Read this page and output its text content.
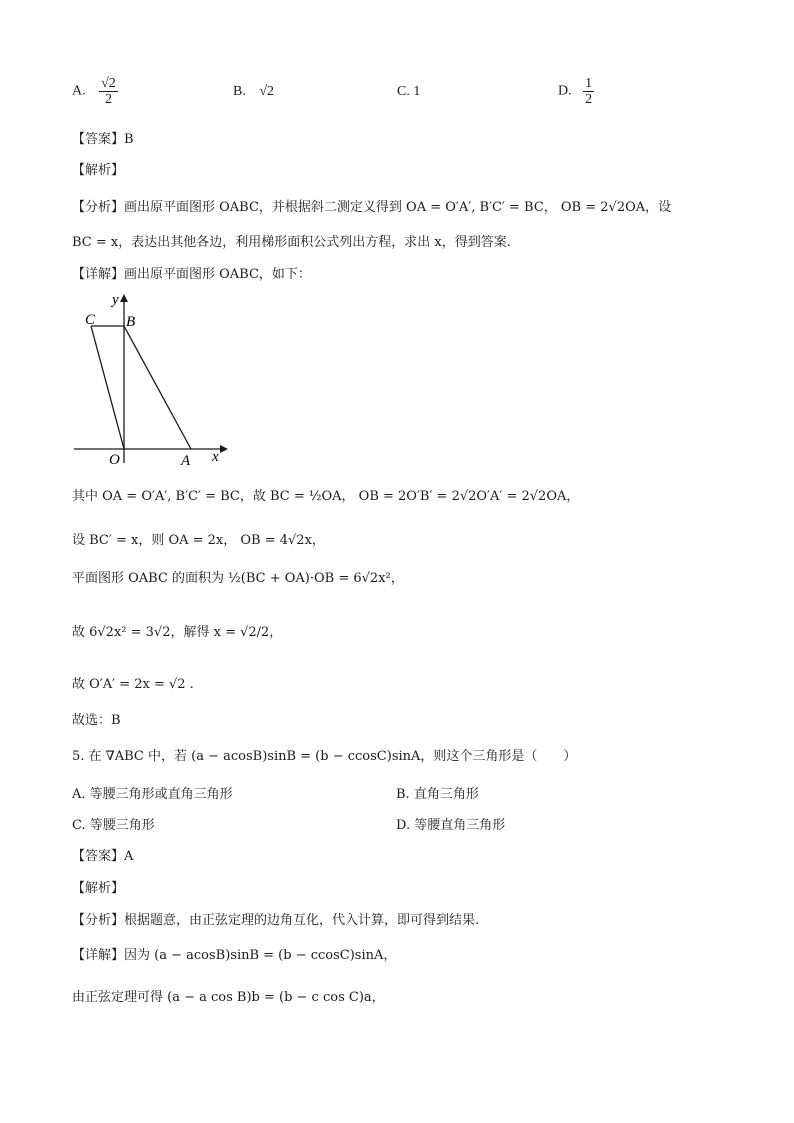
A. $\frac{√2}{2}$	B. √2	C. 1	D. $\frac{1}{2}$
【答案】B
【解析】
【分析】画出原平面图形 OABC，并根据斜二测定义得到 OA = O′A′, B′C′ = BC， OB = 2√2OA，设
BC = x，表达出其他各边，利用梯形面积公式列出方程，求出 x，得到答案.
【详解】画出原平面图形 OABC，如下：
y
C B
O	A x
其中 OA = O′A′, B′C′ = BC，故 BC = ½OA， OB = 2O′B′ = 2√2O′A′ = 2√2OA，
设 BC′ = x，则 OA = 2x， OB = 4√2x，
平面图形 OABC 的面积为 ½(BC + OA)·OB = 6√2x²，
故 6√2x² = 3√2，解得 x = √2/2，
故 O′A′ = 2x = √2 .
故选：B
5. 在 ∇ABC 中，若 (a − acosB)sinB = (b − ccosC)sinA，则这个三角形是（　　）
A. 等腰三角形或直角三角形	B. 直角三角形
C. 等腰三角形	D. 等腰直角三角形
【答案】A
【解析】
【分析】根据题意，由正弦定理的边角互化，代入计算，即可得到结果.
【详解】因为 (a − acosB)sinB = (b − ccosC)sinA，
由正弦定理可得 (a − a cos B)b = (b − c cos C)a，
